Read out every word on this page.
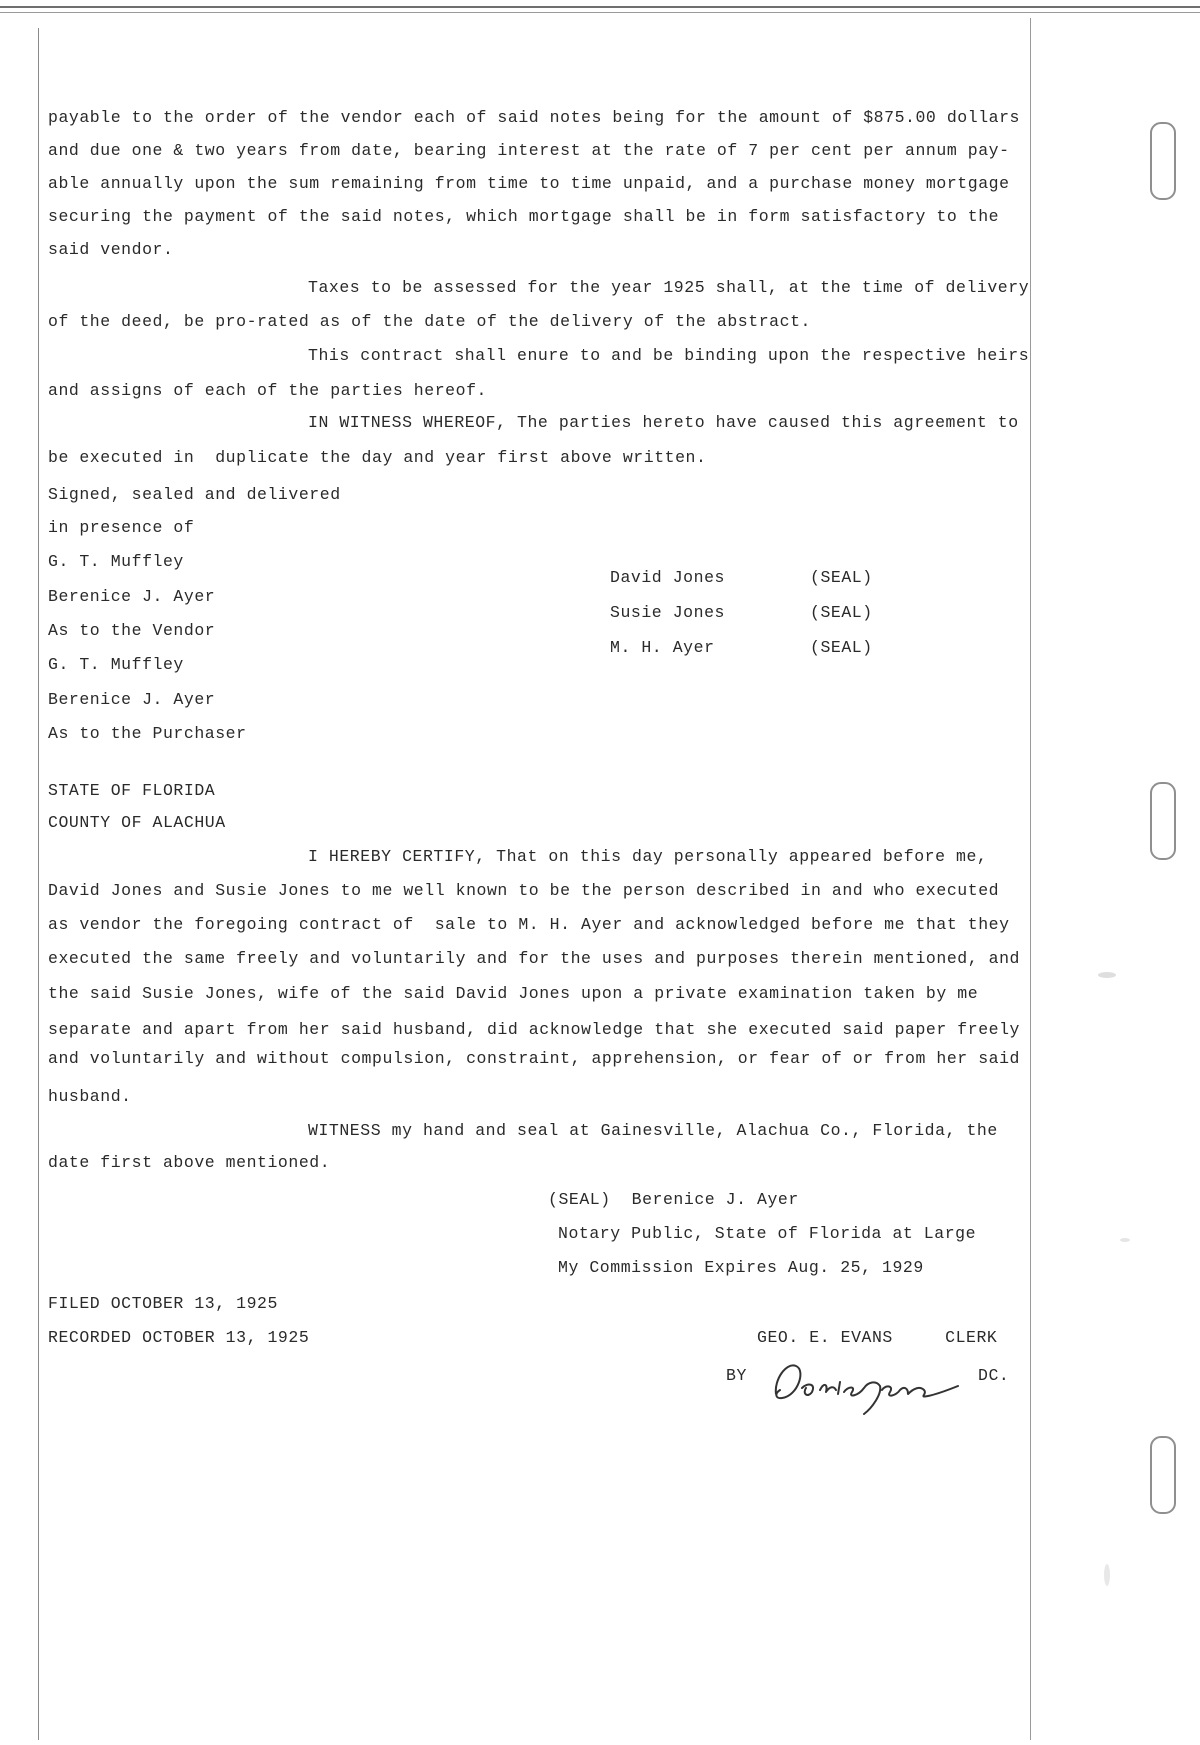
payable to the order of the vendor each of said notes being for the amount of $875.00 dollars
and due one & two years from date, bearing interest at the rate of 7 per cent per annum pay-
able annually upon the sum remaining from time to time unpaid, and a purchase money mortgage
securing the payment of the said notes, which mortgage shall be in form satisfactory to the
said vendor.
Taxes to be assessed for the year 1925 shall, at the time of delivery
of the deed, be pro-rated as of the date of the delivery of the abstract.
This contract shall enure to and be binding upon the respective heirs
and assigns of each of the parties hereof.
IN WITNESS WHEREOF, The parties hereto have caused this agreement to
be executed in  duplicate the day and year first above written.
Signed, sealed and delivered
in presence of
G. T. Muffley
Berenice J. Ayer
As to the Vendor
G. T. Muffley
Berenice J. Ayer
As to the Purchaser
David Jones	(SEAL)
Susie Jones	(SEAL)
M. H. Ayer	(SEAL)
STATE OF FLORIDA
COUNTY OF ALACHUA
I HEREBY CERTIFY, That on this day personally appeared before me,
David Jones and Susie Jones to me well known to be the person described in and who executed
as vendor the foregoing contract of  sale to M. H. Ayer and acknowledged before me that they
executed the same freely and voluntarily and for the uses and purposes therein mentioned, and
the said Susie Jones, wife of the said David Jones upon a private examination taken by me
separate and apart from her said husband, did acknowledge that she executed said paper freely
and voluntarily and without compulsion, constraint, apprehension, or fear of or from her said
husband.
WITNESS my hand and seal at Gainesville, Alachua Co., Florida, the
date first above mentioned.
(SEAL)  Berenice J. Ayer
Notary Public, State of Florida at Large
My Commission Expires Aug. 25, 1929
FILED OCTOBER 13, 1925
RECORDED OCTOBER 13, 1925	GEO. E. EVANS     CLERK
BY	DC.
